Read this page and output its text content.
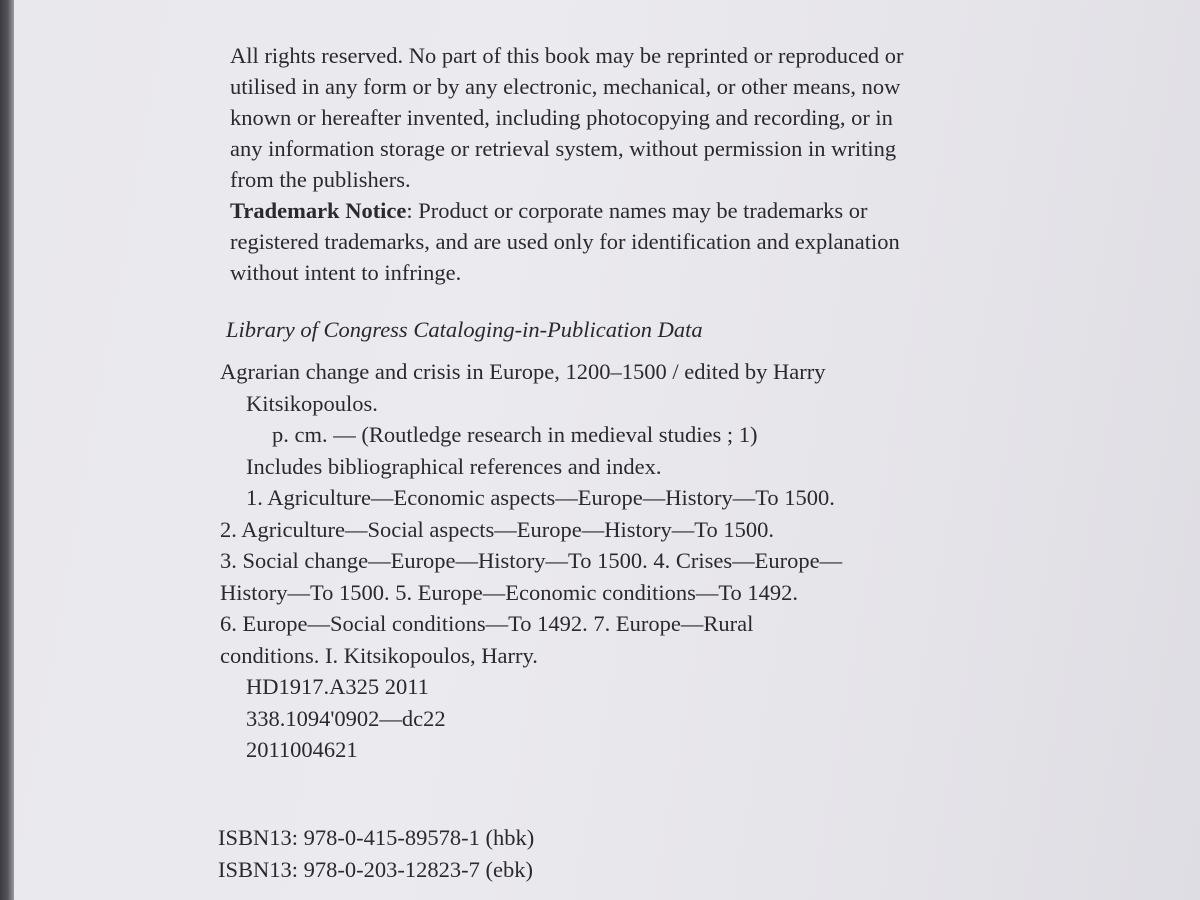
All rights reserved. No part of this book may be reprinted or reproduced or
utilised in any form or by any electronic, mechanical, or other means, now
known or hereafter invented, including photocopying and recording, or in
any information storage or retrieval system, without permission in writing
from the publishers.
Trademark Notice: Product or corporate names may be trademarks or
registered trademarks, and are used only for identification and explanation
without intent to infringe.
Library of Congress Cataloging-in-Publication Data
Agrarian change and crisis in Europe, 1200–1500 / edited by Harry
Kitsikopoulos.
p. cm. — (Routledge research in medieval studies ; 1)
Includes bibliographical references and index.
1. Agriculture—Economic aspects—Europe—History—To 1500.
2. Agriculture—Social aspects—Europe—History—To 1500.
3. Social change—Europe—History—To 1500. 4. Crises—Europe—
History—To 1500. 5. Europe—Economic conditions—To 1492.
6. Europe—Social conditions—To 1492. 7. Europe—Rural
conditions. I. Kitsikopoulos, Harry.
HD1917.A325 2011
338.1094'0902—dc22
2011004621
ISBN13: 978-0-415-89578-1 (hbk)
ISBN13: 978-0-203-12823-7 (ebk)
